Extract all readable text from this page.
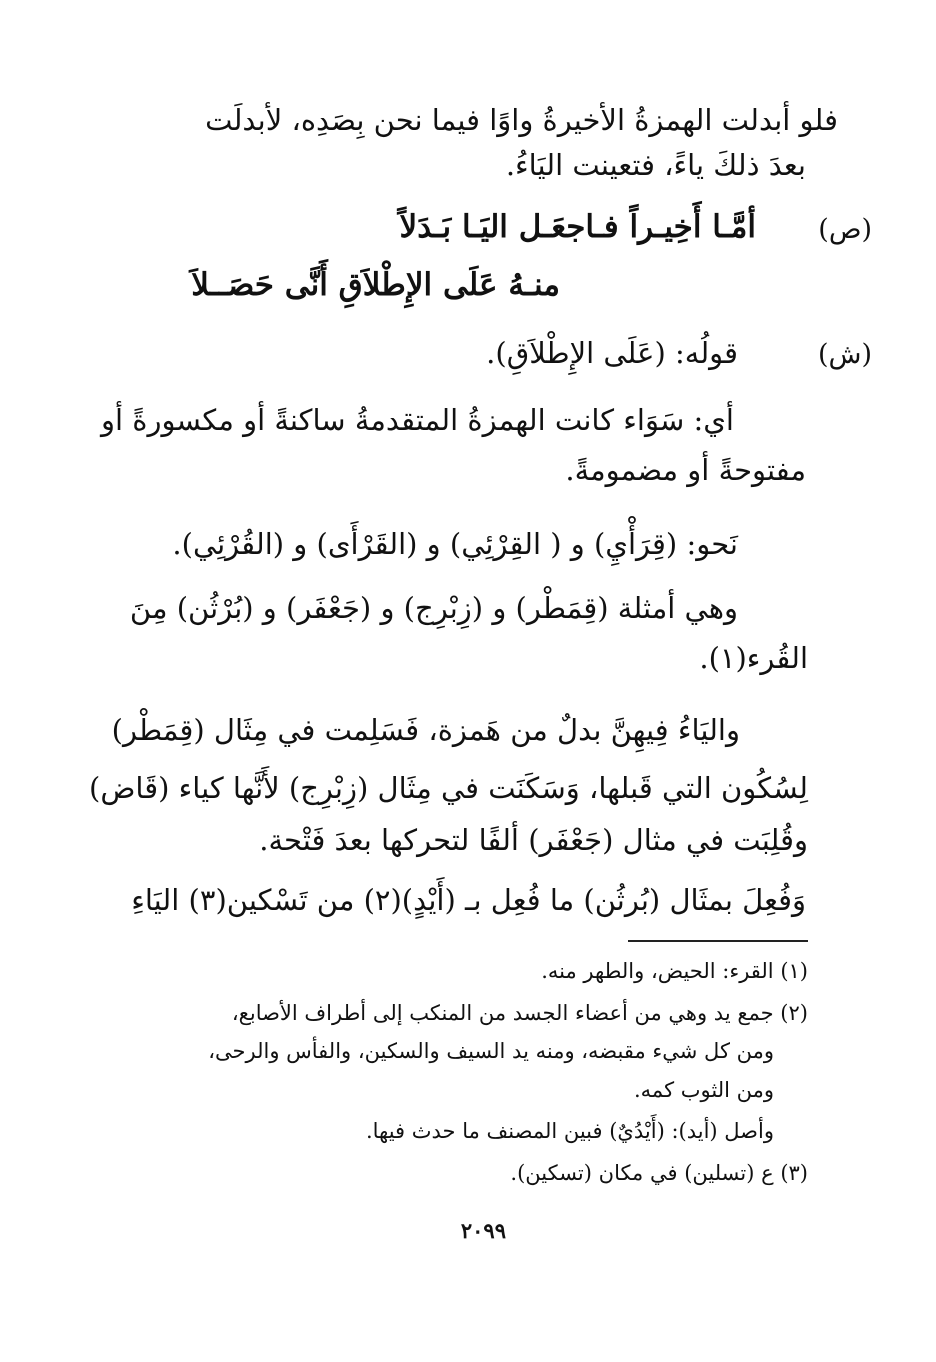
فلو أبدلت الهمزةُ الأخيرةُ واوًا فيما نحن بِصَدِه، لأبدلَت
بعدَ ذلكَ ياءً، فتعينت اليَاءُ.
(ص)
أمَّـا أَخِيـراً فـاجعَـل اليَـا بَـدَلاً
منـهُ عَلَى الإِطْلاَقِ أَنَّى حَصَــلاَ
(ش)
قولُه: (عَلَى الإِطْلاَقِ).
أي: سَوَاء كانت الهمزةُ المتقدمةُ ساكنةً أو مكسورةً أو
مفتوحةً أو مضمومةً.
نَحو: (قِرَأْيِ) و ( القِرْئِي) و (القَرْأَى) و (القُرْئِي).
وهي أمثلة (قِمَطْر) و (زِبْرِج) و (جَعْفَر) و (بُرْثُن) مِنَ
القُرء(١).
واليَاءُ فِيهِنَّ بدلٌ من هَمزة، فَسَلِمت في مِثَال (قِمَطْر)
لِسُكُون التي قَبلها، وَسَكَنَت في مِثَال (زِبْرِج) لأَنَّها كياء (قَاض)
وقُلِبَت في مثال (جَعْفَر) ألفًا لتحركها بعدَ فَتْحة.
وَفُعِلَ بمثَال (بُرثُن) ما فُعِل بـ (أَيْدٍ)(٢) من تَسْكين(٣) اليَاءِ
(١) القرء: الحيض، والطهر منه.
(٢) جمع يد وهي من أعضاء الجسد من المنكب إلى أطراف الأصابع،
ومن كل شيء مقبضه، ومنه يد السيف والسكين، والفأس والرحى،
ومن الثوب كمه.
وأصل (أيد): (أَيْدُيٌ) فبين المصنف ما حدث فيها.
(٣) ع (تسلين) في مكان (تسكين).
٢٠٩٩
